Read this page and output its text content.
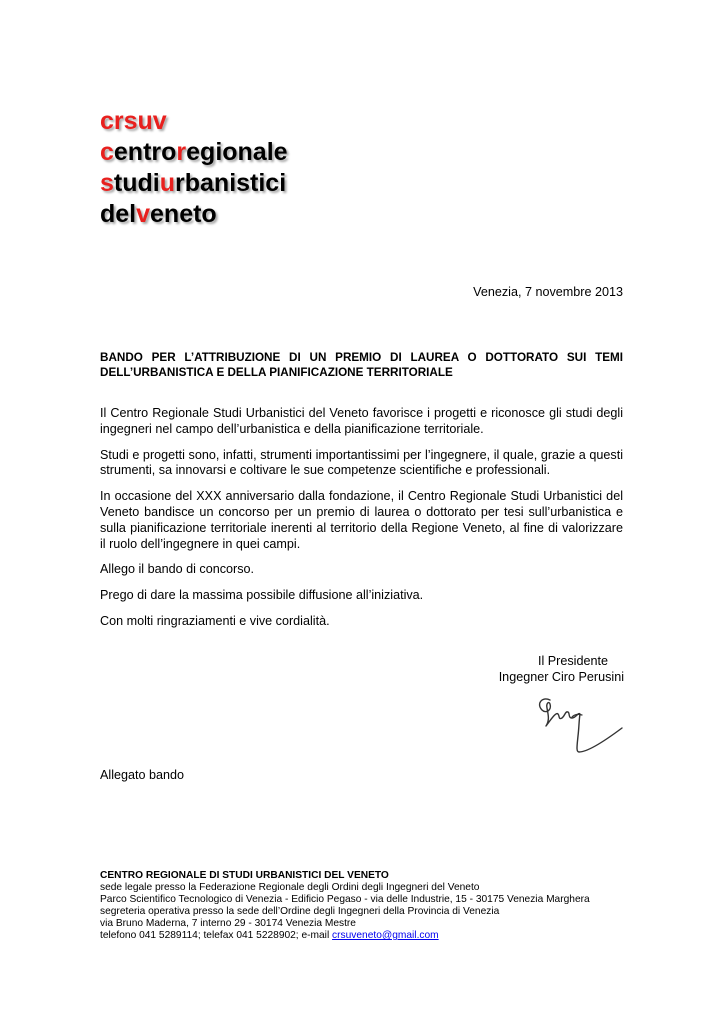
crsuv
centroregionale
studiurbanistici
delveneto
Venezia, 7 novembre 2013
BANDO PER L’ATTRIBUZIONE DI UN PREMIO DI LAUREA O DOTTORATO SUI TEMI DELL’URBANISTICA E DELLA PIANIFICAZIONE TERRITORIALE

Il Centro Regionale Studi Urbanistici del Veneto favorisce i progetti e riconosce gli studi degli ingegneri nel campo dell’urbanistica e della pianificazione territoriale.

Studi e progetti sono, infatti, strumenti importantissimi per l’ingegnere, il quale, grazie a questi strumenti, sa innovarsi e coltivare le sue competenze scientifiche e professionali.

In occasione del XXX anniversario dalla fondazione, il Centro Regionale Studi Urbanistici del Veneto bandisce un concorso per un premio di laurea o dottorato per tesi sull’urbanistica e sulla pianificazione territoriale inerenti al territorio della Regione Veneto, al fine di valorizzare il ruolo dell’ingegnere in quei campi.

Allego il bando di concorso.

Prego di dare la massima possibile diffusione all’iniziativa.

Con molti ringraziamenti e vive cordialità.

Il Presidente
Ingegner Ciro Perusini
Allegato bando
CENTRO REGIONALE DI STUDI URBANISTICI DEL VENETO
sede legale presso la Federazione Regionale degli Ordini degli Ingegneri del Veneto
Parco Scientifico Tecnologico di Venezia - Edificio Pegaso - via delle Industrie, 15 - 30175 Venezia Marghera
segreteria operativa presso la sede dell’Ordine degli Ingegneri della Provincia di Venezia
via Bruno Maderna, 7 interno 29 - 30174 Venezia Mestre
telefono 041 5289114; telefax 041 5228902; e-mail crsuveneto@gmail.com
